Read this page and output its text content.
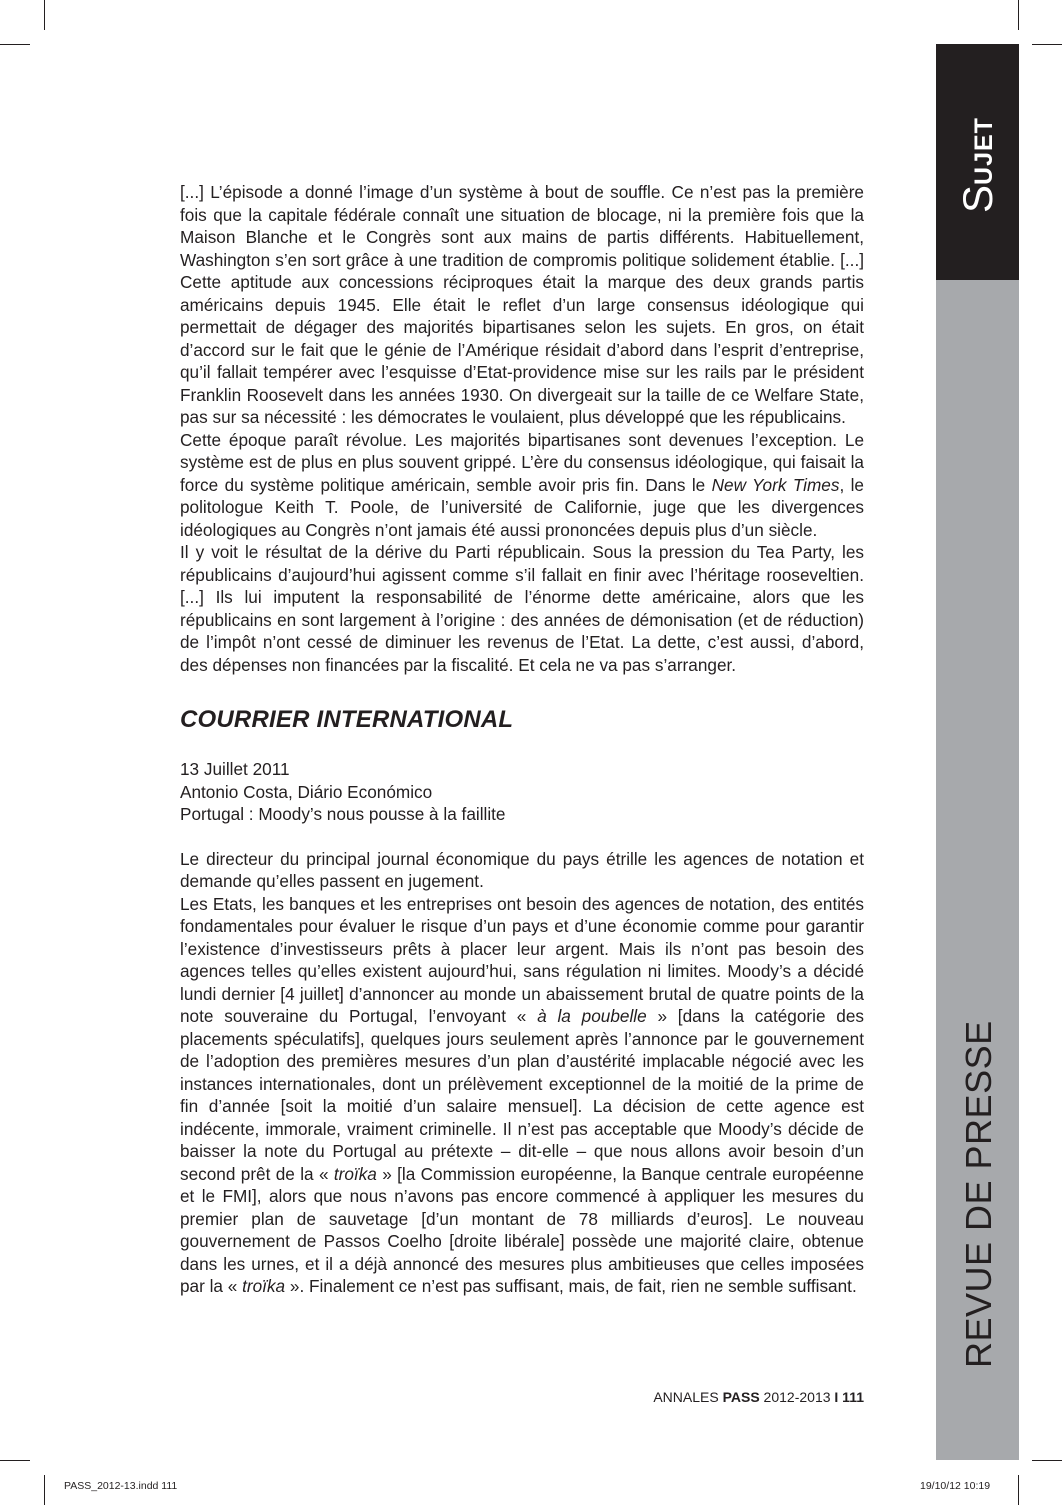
SUJET
REVUE DE PRESSE

[...] L’épisode a donné l’image d’un système à bout de souffle. Ce n’est pas la première fois que la capitale fédérale connaît une situation de blocage, ni la première fois que la Maison Blanche et le Congrès sont aux mains de partis différents. Habituellement, Washington s’en sort grâce à une tradition de compromis politique solidement établie. [...] Cette aptitude aux concessions réciproques était la marque des deux grands partis américains depuis 1945. Elle était le reflet d’un large consensus idéologique qui permettait de dégager des majorités bipartisanes selon les sujets. En gros, on était d’accord sur le fait que le génie de l’Amérique résidait d’abord dans l’esprit d’entreprise, qu’il fallait tempérer avec l’esquisse d’Etat-providence mise sur les rails par le président Franklin Roosevelt dans les années 1930. On divergeait sur la taille de ce Welfare State, pas sur sa nécessité : les démocrates le voulaient, plus développé que les républicains.

Cette époque paraît révolue. Les majorités bipartisanes sont devenues l’exception. Le système est de plus en plus souvent grippé. L’ère du consensus idéologique, qui faisait la force du système politique américain, semble avoir pris fin. Dans le New York Times, le politologue Keith T. Poole, de l’université de Californie, juge que les divergences idéologiques au Congrès n’ont jamais été aussi prononcées depuis plus d’un siècle.

Il y voit le résultat de la dérive du Parti républicain. Sous la pression du Tea Party, les républicains d’aujourd’hui agissent comme s’il fallait en finir avec l’héritage rooseveltien. [...] Ils lui imputent la responsabilité de l’énorme dette américaine, alors que les républicains en sont largement à l’origine : des années de démonisation (et de réduction) de l’impôt n’ont cessé de diminuer les revenus de l’Etat. La dette, c’est aussi, d’abord, des dépenses non financées par la fiscalité. Et cela ne va pas s’arranger.

COURRIER INTERNATIONAL

13 Juillet 2011

Antonio Costa, Diário Económico

Portugal : Moody’s nous pousse à la faillite

Le directeur du principal journal économique du pays étrille les agences de notation et demande qu’elles passent en jugement.

Les Etats, les banques et les entreprises ont besoin des agences de notation, des entités fondamentales pour évaluer le risque d’un pays et d’une économie comme pour garantir l’existence d’investisseurs prêts à placer leur argent. Mais ils n’ont pas besoin des agences telles qu’elles existent aujourd’hui, sans régulation ni limites. Moody’s a décidé lundi dernier [4 juillet] d’annoncer au monde un abaissement brutal de quatre points de la note souveraine du Portugal, l’envoyant « à la poubelle » [dans la catégorie des placements spéculatifs], quelques jours seulement après l’annonce par le gouvernement de l’adoption des premières mesures d’un plan d’austérité implacable négocié avec les instances internationales, dont un prélèvement exceptionnel de la moitié de la prime de fin d’année [soit la moitié d’un salaire mensuel]. La décision de cette agence est indécente, immorale, vraiment criminelle. Il n’est pas acceptable que Moody’s décide de baisser la note du Portugal au prétexte – dit-elle – que nous allons avoir besoin d’un second prêt de la « troïka » [la Commission européenne, la Banque centrale européenne et le FMI], alors que nous n’avons pas encore commencé à appliquer les mesures du premier plan de sauvetage [d’un montant de 78 milliards d’euros]. Le nouveau gouvernement de Passos Coelho [droite libérale] possède une majorité claire, obtenue dans les urnes, et il a déjà annoncé des mesures plus ambitieuses que celles imposées par la « troïka ». Finalement ce n’est pas suffisant, mais, de fait, rien ne semble suffisant.

ANNALES PASS 2012-2013 I 111
PASS_2012-13.indd 111	19/10/12 10:19
